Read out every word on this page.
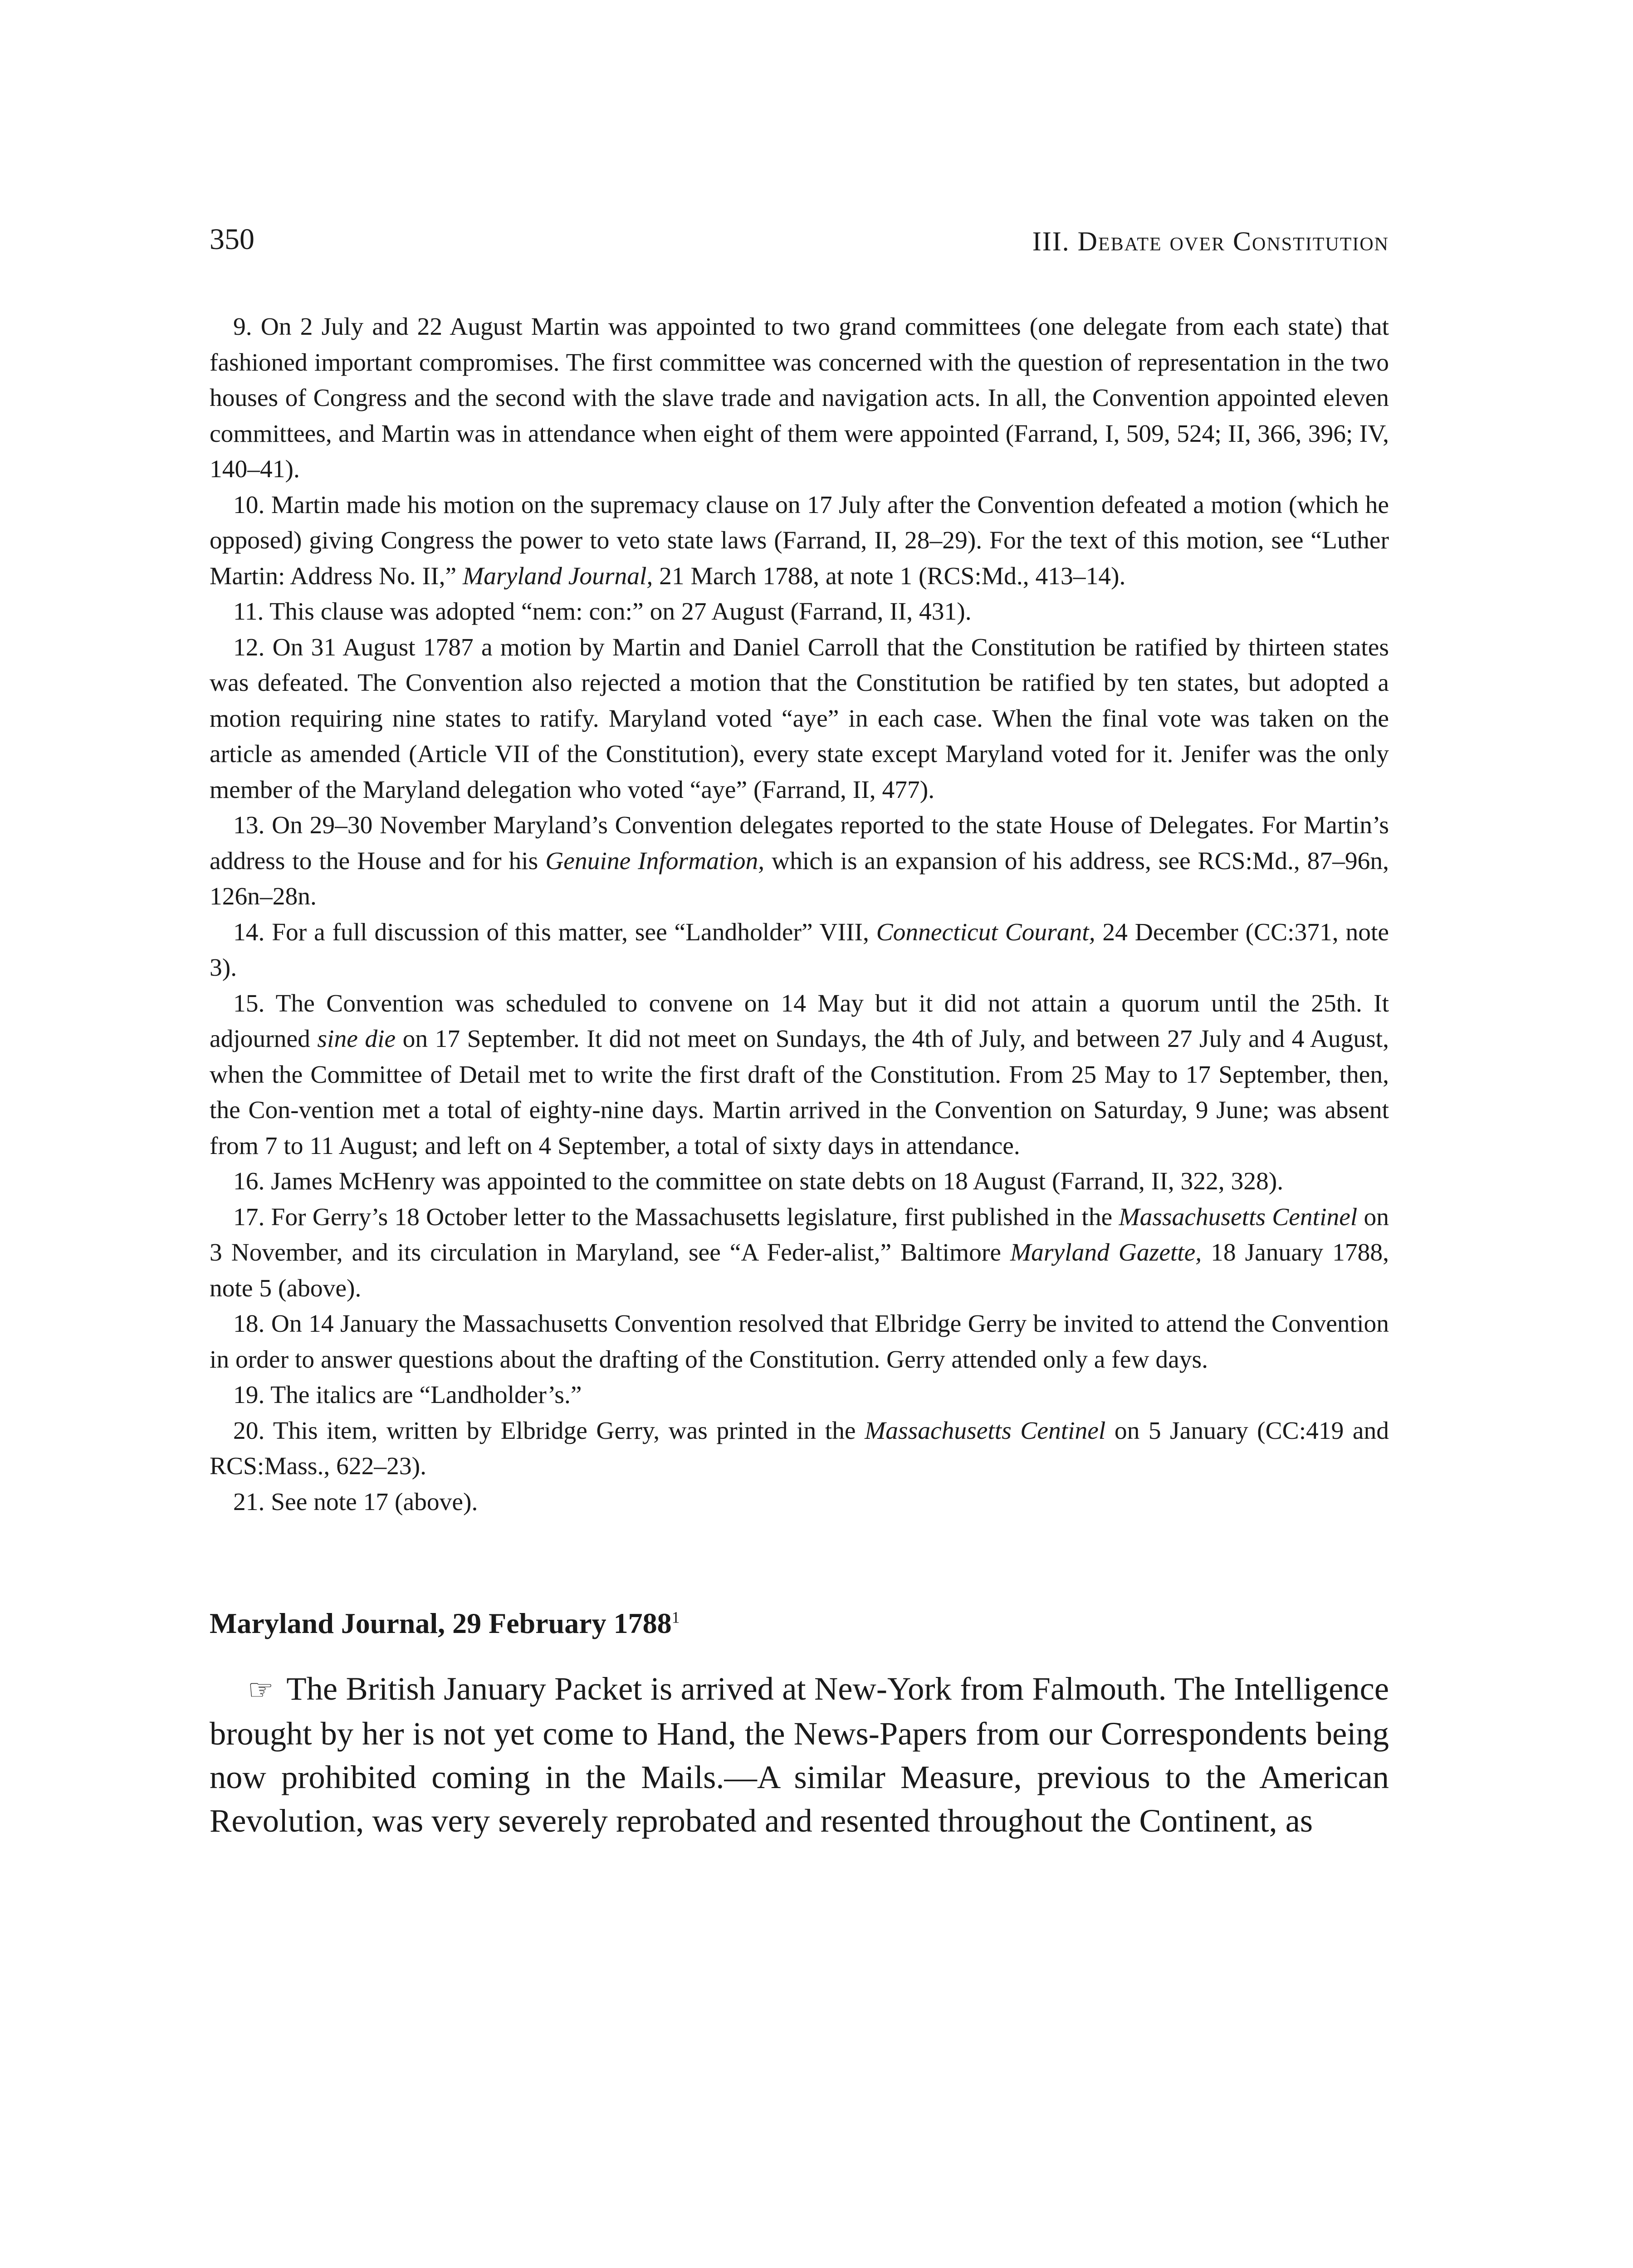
350	III. Debate over Constitution

9. On 2 July and 22 August Martin was appointed to two grand committees (one delegate from each state) that fashioned important compromises. The first committee was concerned with the question of representation in the two houses of Congress and the second with the slave trade and navigation acts. In all, the Convention appointed eleven committees, and Martin was in attendance when eight of them were appointed (Farrand, I, 509, 524; II, 366, 396; IV, 140–41).

10. Martin made his motion on the supremacy clause on 17 July after the Convention defeated a motion (which he opposed) giving Congress the power to veto state laws (Farrand, II, 28–29). For the text of this motion, see “Luther Martin: Address No. II,” Maryland Journal, 21 March 1788, at note 1 (RCS:Md., 413–14).

11. This clause was adopted “nem: con:” on 27 August (Farrand, II, 431).

12. On 31 August 1787 a motion by Martin and Daniel Carroll that the Constitution be ratified by thirteen states was defeated. The Convention also rejected a motion that the Constitution be ratified by ten states, but adopted a motion requiring nine states to ratify. Maryland voted “aye” in each case. When the final vote was taken on the article as amended (Article VII of the Constitution), every state except Maryland voted for it. Jenifer was the only member of the Maryland delegation who voted “aye” (Farrand, II, 477).

13. On 29–30 November Maryland’s Convention delegates reported to the state House of Delegates. For Martin’s address to the House and for his Genuine Information, which is an expansion of his address, see RCS:Md., 87–96n, 126n–28n.

14. For a full discussion of this matter, see “Landholder” VIII, Connecticut Courant, 24 December (CC:371, note 3).

15. The Convention was scheduled to convene on 14 May but it did not attain a quorum until the 25th. It adjourned sine die on 17 September. It did not meet on Sundays, the 4th of July, and between 27 July and 4 August, when the Committee of Detail met to write the first draft of the Constitution. From 25 May to 17 September, then, the Con-vention met a total of eighty-nine days. Martin arrived in the Convention on Saturday, 9 June; was absent from 7 to 11 August; and left on 4 September, a total of sixty days in attendance.

16. James McHenry was appointed to the committee on state debts on 18 August (Farrand, II, 322, 328).

17. For Gerry’s 18 October letter to the Massachusetts legislature, first published in the Massachusetts Centinel on 3 November, and its circulation in Maryland, see “A Feder-alist,” Baltimore Maryland Gazette, 18 January 1788, note 5 (above).

18. On 14 January the Massachusetts Convention resolved that Elbridge Gerry be invited to attend the Convention in order to answer questions about the drafting of the Constitution. Gerry attended only a few days.

19. The italics are “Landholder’s.”

20. This item, written by Elbridge Gerry, was printed in the Massachusetts Centinel on 5 January (CC:419 and RCS:Mass., 622–23).

21. See note 17 (above).

Maryland Journal, 29 February 1788$^1$

☞ The British January Packet is arrived at New-York from Falmouth. The Intelligence brought by her is not yet come to Hand, the News-Papers from our Correspondents being now prohibited coming in the Mails.—A similar Measure, previous to the American Revolution, was very severely reprobated and resented throughout the Continent, as
